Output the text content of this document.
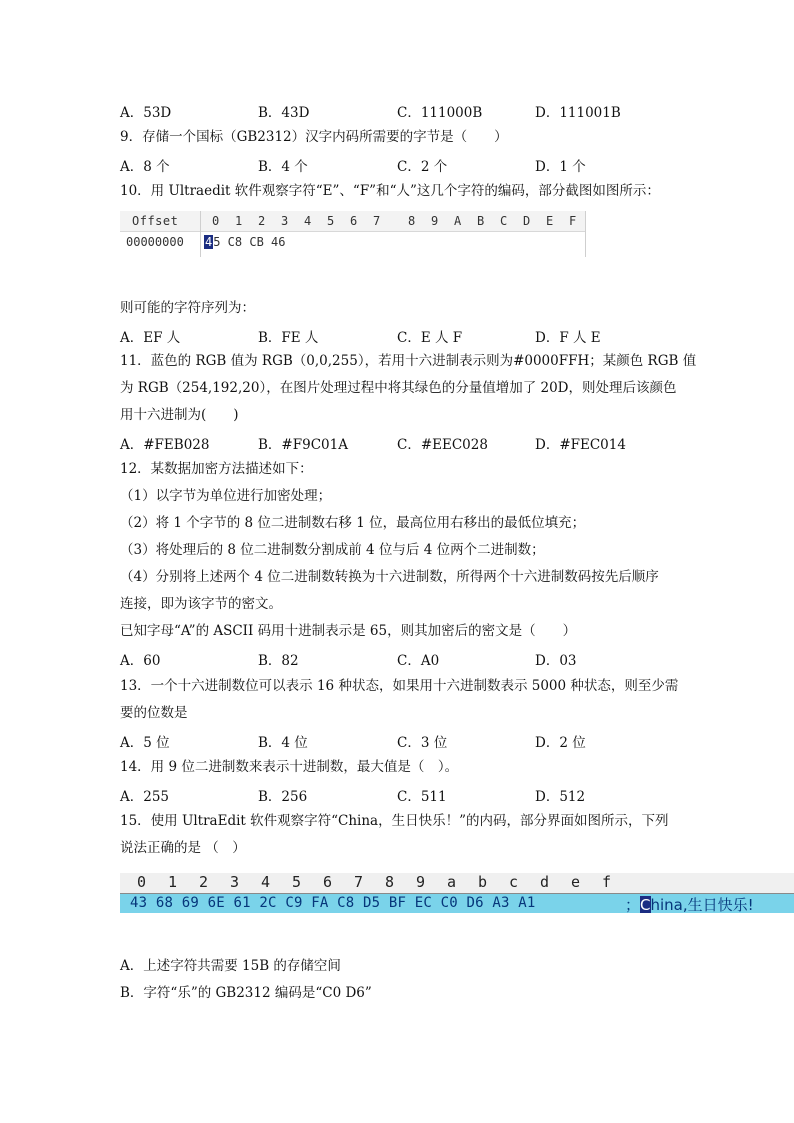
A．53D	B．43D	C．111000B	D．111001B
9．存储一个国标（GB2312）汉字内码所需要的字节是（　　）
A．8 个	B．4 个	C．2 个	D．1 个
10．用 Ultraedit 软件观察字符“E”、“F”和“人”这几个字符的编码，部分截图如图所示：
Offset	0 1 2 3 4 5 6 7 8 9 A B C D E F
00000000 45 C8 CB 46
则可能的字符序列为：
A．EF 人	B．FE 人	C．E 人 F	D．F 人 E
11．蓝色的 RGB 值为 RGB（0,0,255），若用十六进制表示则为#0000FFH；某颜色 RGB 值
为 RGB（254,192,20），在图片处理过程中将其绿色的分量值增加了 20D，则处理后该颜色
用十六进制为(　　)
A．#FEB028	B．#F9C01A	C．#EEC028	D．#FEC014
12．某数据加密方法描述如下：
（1）以字节为单位进行加密处理；
（2）将 1 个字节的 8 位二进制数右移 1 位，最高位用右移出的最低位填充；
（3）将处理后的 8 位二进制数分割成前 4 位与后 4 位两个二进制数；
（4）分别将上述两个 4 位二进制数转换为十六进制数，所得两个十六进制数码按先后顺序
连接，即为该字节的密文。
已知字母“A”的 ASCII 码用十进制表示是 65，则其加密后的密文是（　　）
A．60	B．82	C．A0	D．03
13．一个十六进制数位可以表示 16 种状态，如果用十六进制数表示 5000 种状态，则至少需
要的位数是
A．5 位	B．4 位	C．3 位	D．2 位
14．用 9 位二进制数来表示十进制数，最大值是（　）。
A．255	B．256	C．511	D．512
15．使用 UltraEdit 软件观察字符“China，生日快乐！”的内码，部分界面如图所示，下列
说法正确的是 （　）
0 1 2 3 4 5 6 7 8 9 a b c d e f
43 68 69 6E 61 2C C9 FA C8 D5 BF EC C0 D6 A3 A1	；China,生日快乐!
A．上述字符共需要 15B 的存储空间
B．字符“乐”的 GB2312 编码是“C0 D6”
